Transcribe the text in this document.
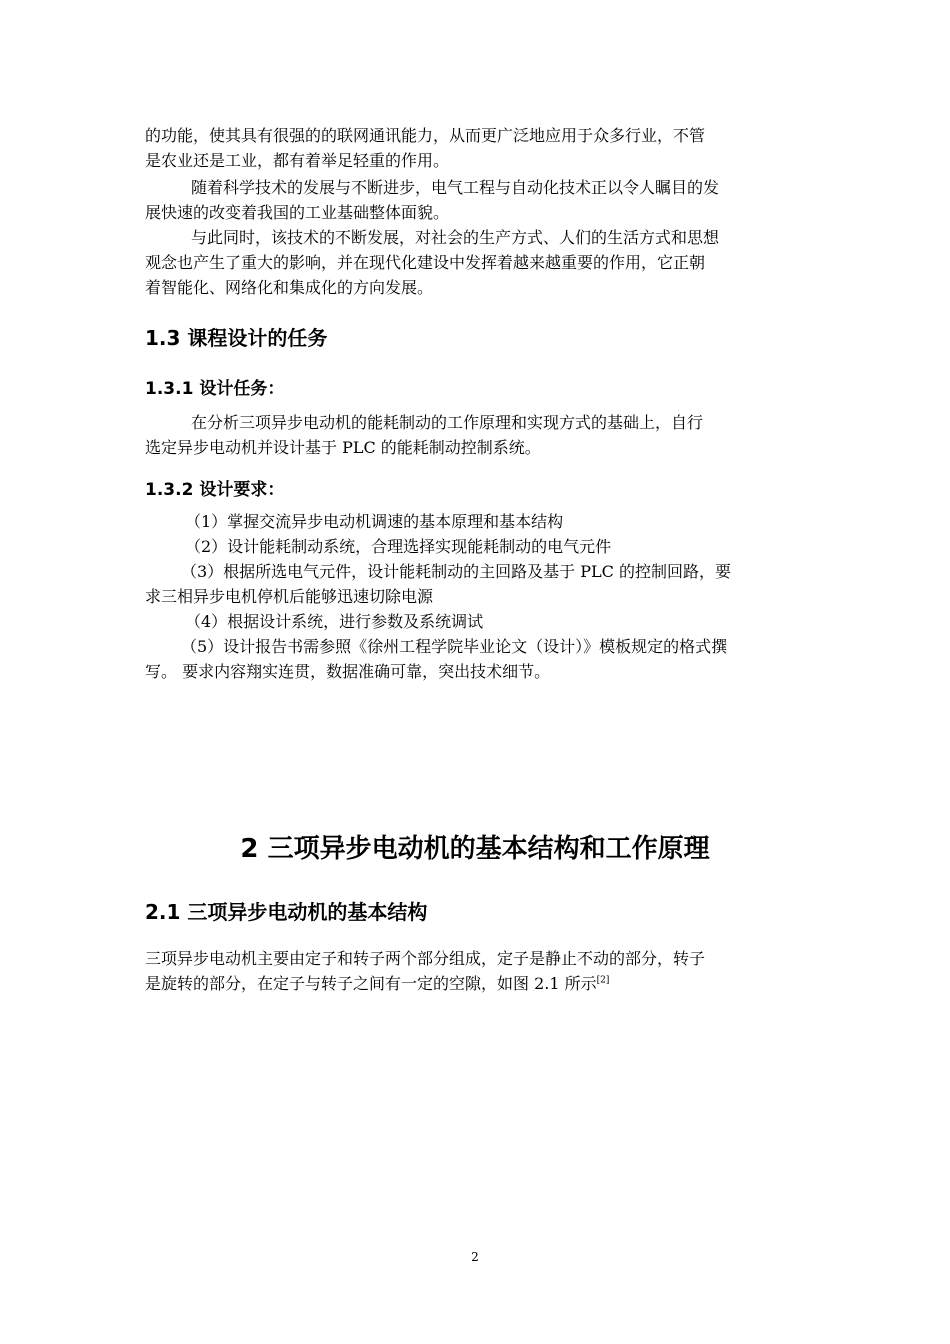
的功能，使其具有很强的的联网通讯能力，从而更广泛地应用于众多行业，不管
是农业还是工业，都有着举足轻重的作用。
随着科学技术的发展与不断进步，电气工程与自动化技术正以令人瞩目的发
展快速的改变着我国的工业基础整体面貌。
与此同时，该技术的不断发展，对社会的生产方式、人们的生活方式和思想
观念也产生了重大的影响，并在现代化建设中发挥着越来越重要的作用，它正朝
着智能化、网络化和集成化的方向发展。
1.3 课程设计的任务
1.3.1 设计任务：
在分析三项异步电动机的能耗制动的工作原理和实现方式的基础上，自行
选定异步电动机并设计基于 PLC 的能耗制动控制系统。
1.3.2 设计要求：
（1）掌握交流异步电动机调速的基本原理和基本结构
（2）设计能耗制动系统，合理选择实现能耗制动的电气元件
（3）根据所选电气元件，设计能耗制动的主回路及基于 PLC 的控制回路，要
求三相异步电机停机后能够迅速切除电源
（4）根据设计系统，进行参数及系统调试
（5）设计报告书需参照《徐州工程学院毕业论文（设计）》模板规定的格式撰
写。 要求内容翔实连贯，数据准确可靠，突出技术细节。
2 三项异步电动机的基本结构和工作原理
2.1 三项异步电动机的基本结构
三项异步电动机主要由定子和转子两个部分组成，定子是静止不动的部分，转子
是旋转的部分，在定子与转子之间有一定的空隙，如图 2.1 所示[2]
2
